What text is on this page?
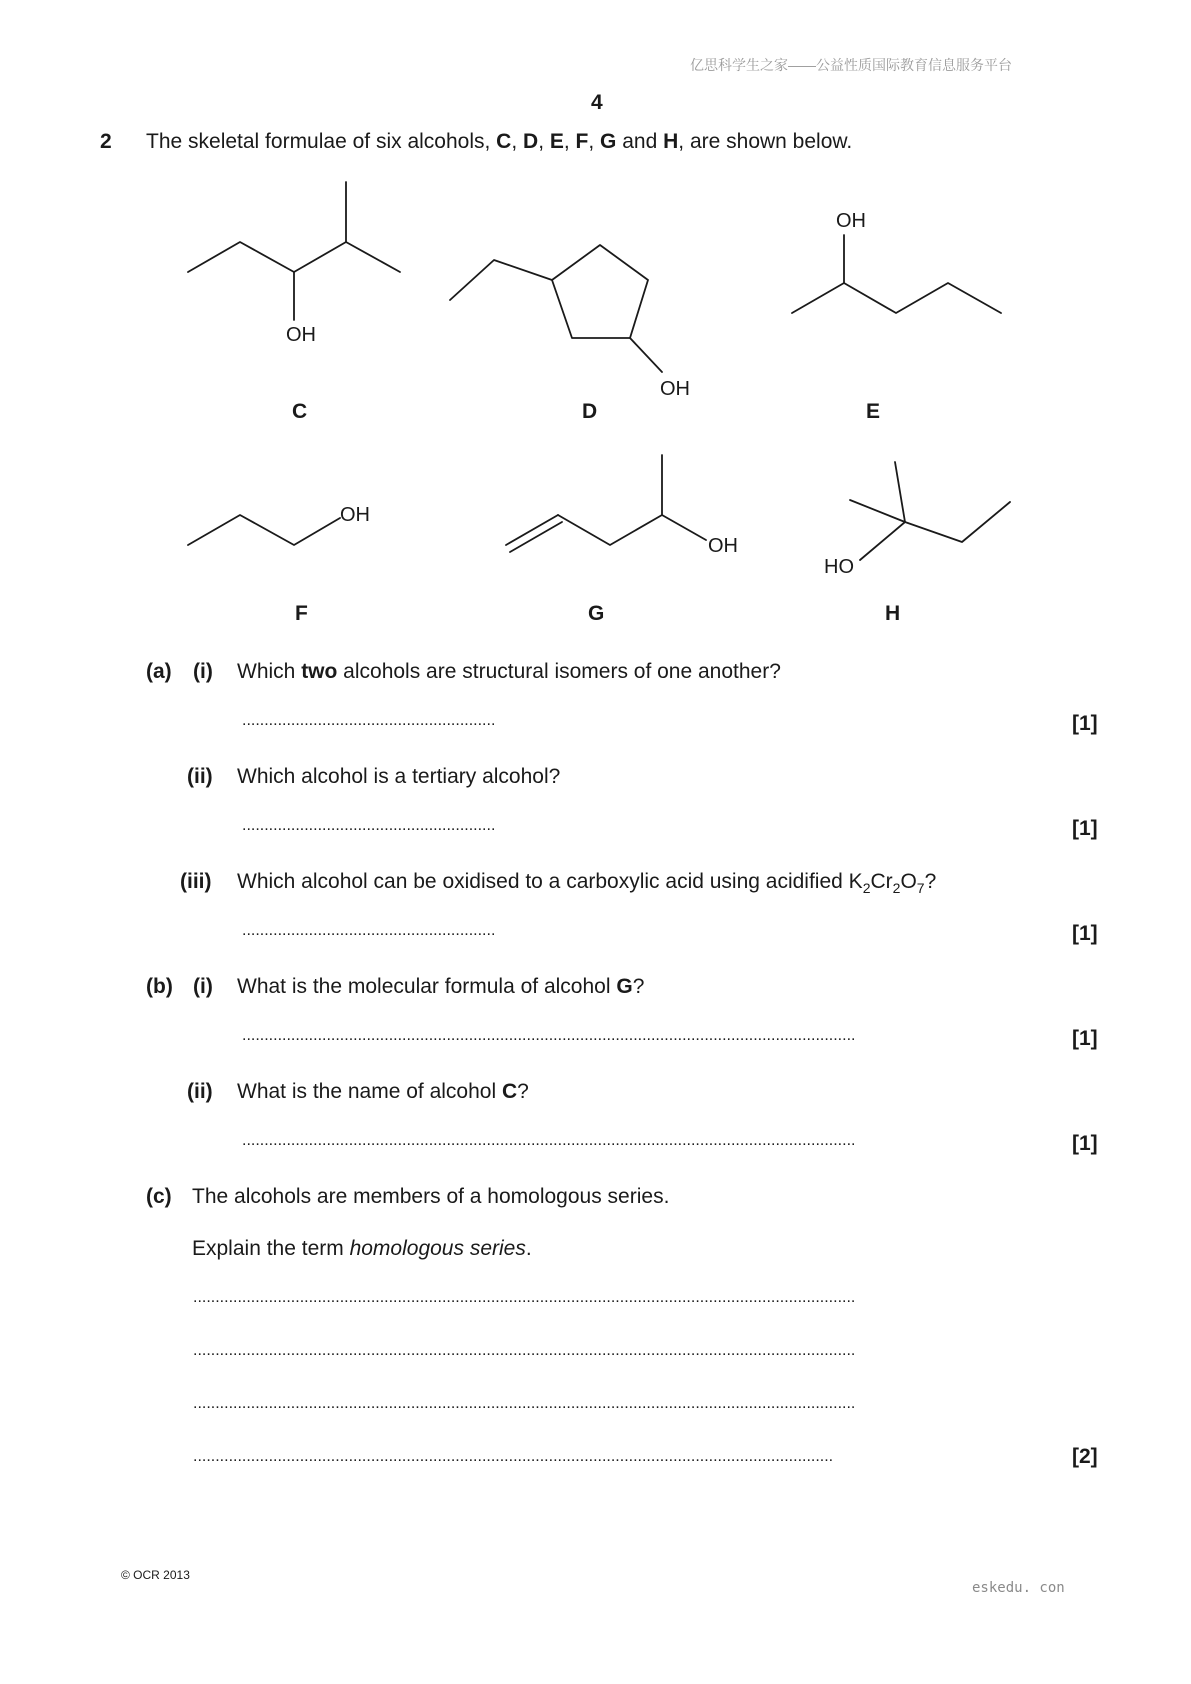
亿思科学生之家——公益性质国际教育信息服务平台
4
2 The skeletal formulae of six alcohols, C, D, E, F, G and H, are shown below.
OH
OH
OH
OH
OH
HO
C	D	E
F	G	H
(a) (i) Which two alcohols are structural isomers of one another?
.........................................................	[1]
(ii) Which alcohol is a tertiary alcohol?
.........................................................	[1]
(iii) Which alcohol can be oxidised to a carboxylic acid using acidified $K_2Cr_2O_7$?
.........................................................	[1]
(b) (i) What is the molecular formula of alcohol G?
..........................................................................................................................................	[1]
(ii) What is the name of alcohol C?
..........................................................................................................................................	[1]
(c) The alcohols are members of a homologous series.
Explain the term homologous series.
.....................................................................................................................................................
.....................................................................................................................................................
.....................................................................................................................................................
................................................................................................................................................	[2]
© OCR 2013
eskedu. con
